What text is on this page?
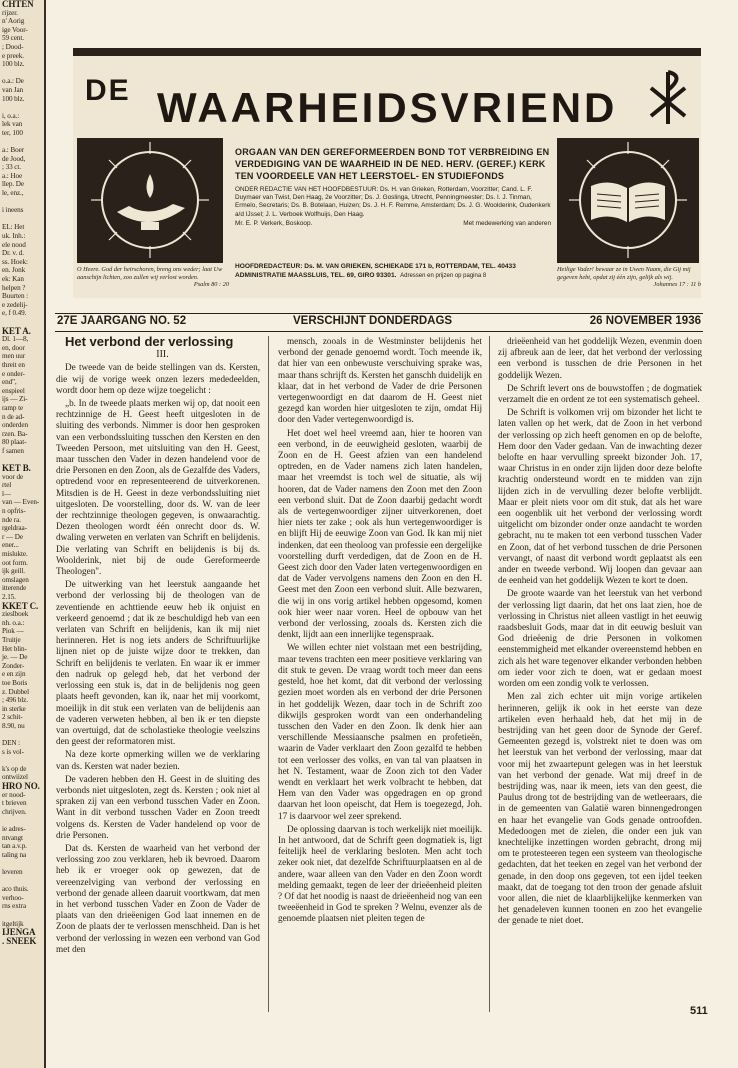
CHTEN
rijzer.
n' Aorig
ige Voor-
59 cent.
; Dood-
e preek.
100 blz.

o.a.: De
van Jan
100 blz.

i, o.a.:
lek van
ter, 100

a.: Boer
de Jood,
; 33 ct.
a.: Hoe
llep. De
le, enz.,

i ineens

EL: Het
uk. Inh.:
ele nood
Dr. v. d.
ss. Hoek:
en. Jonk
ek: Kan
helpen ?
Buurten :
e zedelij-
e, f 0.49.

KET A.
Dl. 1—8,
en, door
men uur
threit en
e onder-
end",
enspieel
ijs — Zi-
ramp te
n de ad-
onderden
rzen. Ba-
80 plaat-
f samen

KET B.
voor de
rtel
l—
van — Even-
n opfris-
nde ra.
rgeldraa-
r — De
ener...
mislukte.
oot form.
ijk geill.
omslagen
itterende
2.15.
KKET C.
zieslboek
nh. o.a.:
Piok —
Truitje
Het blin-
je. — De
Zonder-
e en zijn
toe Boris
z. Dubbel
; 496 blz.
in sterke
2 schit-
8.90, nu

DEN :
s is vol-

k's op de
ontwiizel
HRO NO.
er nood-
t brieven
chrijven.

ie adres-
ntvangt
tan a.v.p.
taling na

leveren

aco thuis.
verhoo-
rns extra

itgeltijk
IJENGA
. SNEEK
DE WAARHEIDSVRIEND
ORGAAN VAN DEN GEREFORMEERDEN BOND TOT VERBREIDING EN VERDEDIGING VAN DE WAARHEID IN DE NED. HERV. (GEREF.) KERK TEN VOORDEELE VAN HET LEERSTOEL- EN STUDIEFONDS
ONDER REDACTIE VAN HET HOOFDBESTUUR: Ds. H. van Grieken, Rotterdam, Voorzitter; Cand. L. F. Duymaer van Twist, Den Haag, 2e Voorzitter; Ds. J. Goslinga, Utrecht, Penningmeester; Ds. I. J. Tinman, Ermelo, Secretaris; Ds. B. Botelaan, Huizen; Ds. J. H. F. Remme, Amsterdam; Ds. J. G. Woolderink, Oudenkerk a/d IJssel; J. L. Verboek Wolfhuijs, Den Haag.
Mr. E. P. Verkerk, Boskoop.	Met medewerking van anderen
HOOFDREDACTEUR: Ds. M. VAN GRIEKEN, SCHIEKADE 171 b, ROTTERDAM, TEL. 40433
ADMINISTRATIE MAASSLUIS, TEL. 69, GIRO 93301. Adressen en prijzen op pagina 8
O Heere. God der heirschoren, breng ons weder; laat Uw aanschijn lichten, zoo zullen wij verlost worden.
Psalm 80 : 20
Heilige Vader! bewaar ze in Uwen Naam, die Gij mij gegeven hebt, opdat zij één zijn, gelijk als wij.
Johannes 17 : 11 b
27E JAARGANG NO. 52	VERSCHIJNT DONDERDAGS	26 NOVEMBER 1936

Het verbond der verlossing

III.

De tweede van de beide stellingen van ds. Kersten, die wij de vorige week onzen lezers mededeelden, wordt door hem op deze wijze toegelicht :

„b. In de tweede plaats merken wij op, dat nooit een rechtzinnige de H. Geest heeft uitgesloten in de sluiting des verbonds. Nimmer is door hen gesproken van een verbondssluiting tusschen den Kersten en den Tweeden Persoon, met uitsluiting van den H. Geest, maar tusschen den Vader in dezen handelend voor de drie Personen en den Zoon, als de Gezalfde des Vaders, optredend voor en representeerend de uitverkorenen. Mitsdien is de H. Geest in deze verbondssluiting niet uitgesloten. De voorstelling, door ds. W. van de leer der rechtzinnige theologen gegeven, is onwaarachtig. Dezen theologen wordt één onrecht door ds. W. dwaling verweten en verlaten van Schrift en belijdenis. Die verlating van Schrift en belijdenis is bij ds. Woolderink, niet bij de oude Gereformeerde Theologen".

De uitwerking van het leerstuk aangaande het verbond der verlossing bij de theologen van de zeventiende en achttiende eeuw heb ik onjuist en verkeerd genoemd ; dat ik ze beschuldigd heb van een verlaten van Schrift en belijdenis, kan ik mij niet herinneren. Het is nog iets anders de Schriftuurlijke lijnen niet op de juiste wijze door te trekken, dan Schrift en belijdenis te verlaten. En waar ik er immer den nadruk op gelegd heb, dat het verbond der verlossing een stuk is, dat in de belijdenis nog geen plaats heeft gevonden, kan ik, naar het mij voorkomt, moeilijk in dit stuk een verlaten van de belijdenis aan de vaderen verweten hebben, al ben ik er ten diepste van overtuigd, dat de scholastieke theologie veelszins den geest der reformatoren mist.

Na deze korte opmerking willen we de verklaring van ds. Kersten wat nader bezien.

De vaderen hebben den H. Geest in de sluiting des verbonds niet uitgesloten, zegt ds. Kersten ; ook niet al spraken zij van een verbond tusschen Vader en Zoon. Want in dit verbond tusschen Vader en Zoon treedt volgens ds. Kersten de Vader handelend op voor de drie Personen.

Dat ds. Kersten de waarheid van het verbond der verlossing zoo zou verklaren, heb ik bevroed. Daarom heb ik er vroeger ook op gewezen, dat de vereenzelviging van verbond der verlossing en verbond der genade alleen daaruit voortkwam, dat men in het verbond tusschen Vader en Zoon de Vader de plaats van den drieëenigen God laat innemen en de Zoon de plaats der te verlossen menschheid. Dan is het verbond der verlossing in wezen een verbond van God met den

mensch, zooals in de Westminster belijdenis het verbond der genade genoemd wordt. Toch meende ik, dat hier van een onbewuste verschuiving sprake was, maar thans schrijft ds. Kersten het ganschh duidelijk en klaar, dat in het verbond de Vader de drie Personen vertegenwoordigt en dat daarom de H. Geest niet gezegd kan worden hier uitgesloten te zijn, omdat Hij door den Vader vertegenwoordigd is.

Het doet wel heel vreemd aan, hier te hooren van een verbond, in de eeuwigheid gesloten, waarbij de Zoon en de H. Geest afzien van een handelend optreden, en de Vader namens zich laten handelen, maar het vreemdst is toch wel de situatie, als wij hooren, dat de Vader namens den Zoon met den Zoon een verbond sluit. Dat de Zoon daarbij gedacht wordt als de vertegenwoordiger zijner uitverkorenen, doet hier niets ter zake ; ook als hun vertegenwoordiger is en blijft Hij de eeuwige Zoon van God. Ik kan mij niet indenken, dat een theoloog van professie een dergelijke voorstelling durft verdedigen, dat de Zoon en de H. Geest zich door den Vader laten vertegenwoordigen en dat de Vader vervolgens namens den Zoon en den H. Geest met den Zoon een verbond sluit. Alle bezwaren, die wij in ons vorig artikel hebben opgesomd, komen ook hier weer naar voren. Heel de opbouw van het verbond der verlossing, zooals ds. Kersten zich die denkt, lijdt aan een innerlijke tegenspraak.

We willen echter niet volstaan met een bestrijding, maar tevens trachten een meer positieve verklaring van dit stuk te geven. De vraag wordt toch meer dan eens gesteld, hoe het komt, dat dit verbond der verlossing gezien moet worden als en verbond der drie Personen in het goddelijk Wezen, daar toch in de Schrift zoo dikwijls gesproken wordt van een onderhandeling tusschen den Vader en den Zoon. Ik denk hier aan verschillende Messiaansche psalmen en profetieën, waarin de Vader verklaart den Zoon gezalfd te hebben tot een verlosser des volks, en van tal van plaatsen in het N. Testament, waar de Zoon zich tot den Vader wendt en verklaart het werk volbracht te hebben, dat Hem van den Vader was opgedragen en op grond daarvan het loon opeischt, dat Hem is toegezegd, Joh. 17 is daarvoor wel zeer sprekend.

De oplossing daarvan is toch werkelijk niet moeilijk. In het antwoord, dat de Schrift geen dogmatiek is, ligt feitelijk heel de verklaring besloten. Men acht toch zeker ook niet, dat dezelfde Schriftuurplaatsen en al de andere, waar alleen van den Vader en den Zoon wordt melding gemaakt, tegen de leer der drieëenheid pleiten ? Of dat het noodig is naast de drieëenheid nog van een tweeëenheid in God te spreken ? Welnu, evenzer als de genoemde plaatsen niet pleiten tegen de

drieëenheid van het goddelijk Wezen, evenmin doen zij afbreuk aan de leer, dat het verbond der verlossing een verbond is tusschen de drie Personen in het goddelijk Wezen.

De Schrift levert ons de bouwstoffen ; de dogmatiek verzamelt die en ordent ze tot een systematisch geheel.

De Schrift is volkomen vrij om bizonder het licht te laten vallen op het werk, dat de Zoon in het verbond der verlossing op zich heeft genomen en op de belofte, Hem door den Vader gedaan. Van de inwachting dezer belofte en haar vervulling spreekt bizonder Joh. 17, waar Christus in en onder zijn lijden door deze belofte krachtig ondersteund wordt en te midden van zijn lijden zich in de vervulling dezer belofte verblijdt. Maar er pleit niets voor om dit stuk, dat als het ware een oogenblik uit het verbond der verlossing wordt uitgelicht om bizonder onder onze aandacht te worden gebracht, nu te maken tot een verbond tusschen Vader en Zoon, dat of het verbond tusschen de drie Personen vervangt, of naast dit verbond wordt geplaatst als een ander en tweede verbond. Wij loopen dan gevaar aan de eenheid van het goddelijk Wezen te kort te doen.

De groote waarde van het leerstuk van het verbond der verlossing ligt daarin, dat het ons laat zien, hoe de verlossing in Christus niet alleen vastligt in het eeuwig raadsbesluit Gods, maar dat in dit eeuwig besluit van God drieëenig de drie Personen in volkomen eenstemmigheid met elkander overeenstemd hebben en zich als het ware tegenover elkander verbonden hebben om ieder voor zich te doen, wat er gedaan moest worden om een zondig volk te verlossen.

Men zal zich echter uit mijn vorige artikelen herinneren, gelijk ik ook in het eerste van deze artikelen even herhaald heb, dat het mij in de bestrijding van het geen door de Synode der Geref. Gemeenten gezegd is, volstrekt niet te doen was om het leerstuk van het verbond der verlossing, maar dat voor mij het zwaartepunt gelegen was in het leerstuk van het verbond der genade. Wat mij dreef in de bestrijding was, naar ik meen, iets van den geest, die Paulus drong tot de bestrijding van de wetleeraars, die in de gemeenten van Galatië waren binnengedrongen en haar het evangelie van Gods genade ontroofden. Mededoogen met de zielen, die onder een juk van knechtelijke inzettingen worden gebracht, drong mij om te protesteeren tegen een systeem van theologische gedachten, dat het teeken en zegel van het verbond der genade, in den doop ons gegeven, tot een ijdel teeken maakt, dat de toegang tot den troon der genade afsluit voor allen, die niet de klaarblijkelijke kenmerken van het genadeleven kunnen toonen en zoo het evangelie der genade te niet doet.

511
